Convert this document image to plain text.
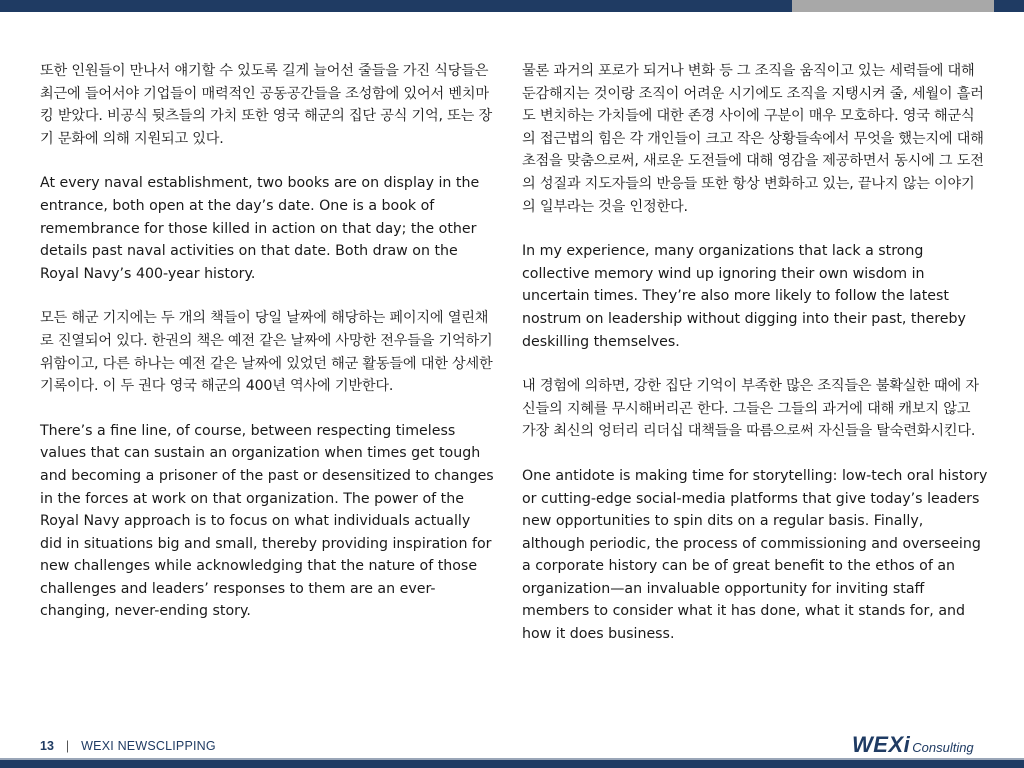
또한 인원들이 만나서 얘기할 수 있도록 길게 늘어선 줄들을 가진 식당들은 최근에 들어서야 기업들이 매력적인 공동공간들을 조성함에 있어서 벤치마킹 받았다. 비공식 뒷츠들의 가치 또한 영국 해군의 집단 공식 기억, 또는 장기 문화에 의해 지원되고 있다.

At every naval establishment, two books are on display in the entrance, both open at the day’s date. One is a book of remembrance for those killed in action on that day; the other details past naval activities on that date. Both draw on the Royal Navy’s 400-year history.

모든 해군 기지에는 두 개의 책들이 당일 날짜에 해당하는 페이지에 열린채로 진열되어 있다. 한권의 책은 예전 같은 날짜에 사망한 전우들을 기억하기 위함이고, 다른 하나는 예전 같은 날짜에 있었던 해군 활동들에 대한 상세한 기록이다. 이 두 권다 영국 해군의 400년 역사에 기반한다.

There’s a fine line, of course, between respecting timeless values that can sustain an organization when times get tough and becoming a prisoner of the past or desensitized to changes in the forces at work on that organization. The power of the Royal Navy approach is to focus on what individuals actually did in situations big and small, thereby providing inspiration for new challenges while acknowledging that the nature of those challenges and leaders’ responses to them are an ever-changing, never-ending story.

물론 과거의 포로가 되거나 변화 등 그 조직을 움직이고 있는 세력들에 대해 둔감해지는 것이랑 조직이 어려운 시기에도 조직을 지탱시켜 줄, 세월이 흘러도 변치하는 가치들에 대한 존경 사이에 구분이 매우 모호하다. 영국 해군식의 접근법의 힘은 각 개인들이 크고 작은 상황들속에서 무엇을 했는지에 대해 초점을 맞춤으로써, 새로운 도전들에 대해 영감을 제공하면서 동시에 그 도전의 성질과 지도자들의 반응들 또한 항상 변화하고 있는, 끝나지 않는 이야기의 일부라는 것을 인정한다.

In my experience, many organizations that lack a strong collective memory wind up ignoring their own wisdom in uncertain times. They’re also more likely to follow the latest nostrum on leadership without digging into their past, thereby deskilling themselves.

내 경험에 의하면, 강한 집단 기억이 부족한 많은 조직들은 불확실한 때에 자신들의 지혜를 무시해버리곤 한다. 그들은 그들의 과거에 대해 캐보지 않고 가장 최신의 엉터리 리더십 대책들을 따름으로써 자신들을 탈숙련화시킨다.

One antidote is making time for storytelling: low-tech oral history or cutting-edge social-media platforms that give today’s leaders new opportunities to spin dits on a regular basis. Finally, although periodic, the process of commissioning and overseeing a corporate history can be of great benefit to the ethos of an organization—an invaluable opportunity for inviting staff members to consider what it has done, what it stands for, and how it does business.

13 | WEXI NEWSCLIPPING	WEXi Consulting
